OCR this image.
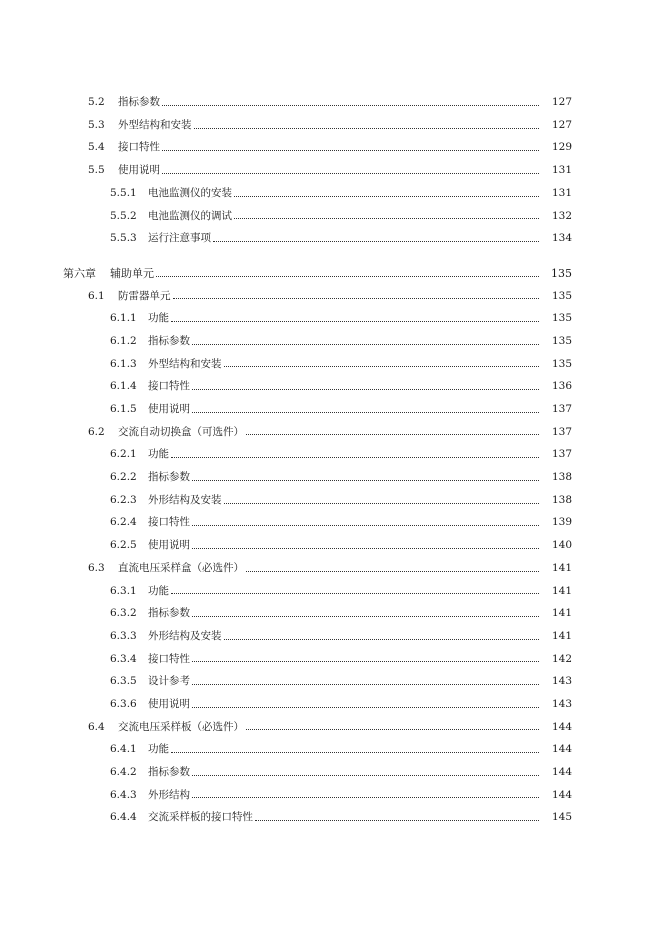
5.2	指标参数	127
5.3	外型结构和安装	127
5.4	接口特性	129
5.5	使用说明	131
5.5.1 电池监测仪的安装	131
5.5.2 电池监测仪的调试	132
5.5.3 运行注意事项	134
第六章 辅助单元	135
6.1	防雷器单元	135
6.1.1 功能	135
6.1.2 指标参数	135
6.1.3 外型结构和安装	135
6.1.4 接口特性	136
6.1.5 使用说明	137
6.2	交流自动切换盒（可选件）	137
6.2.1 功能	137
6.2.2 指标参数	138
6.2.3 外形结构及安装	138
6.2.4 接口特性	139
6.2.5 使用说明	140
6.3	直流电压采样盒（必选件）	141
6.3.1 功能	141
6.3.2 指标参数	141
6.3.3 外形结构及安装	141
6.3.4 接口特性	142
6.3.5 设计参考	143
6.3.6 使用说明	143
6.4	交流电压采样板（必选件）	144
6.4.1 功能	144
6.4.2 指标参数	144
6.4.3 外形结构	144
6.4.4 交流采样板的接口特性	145
